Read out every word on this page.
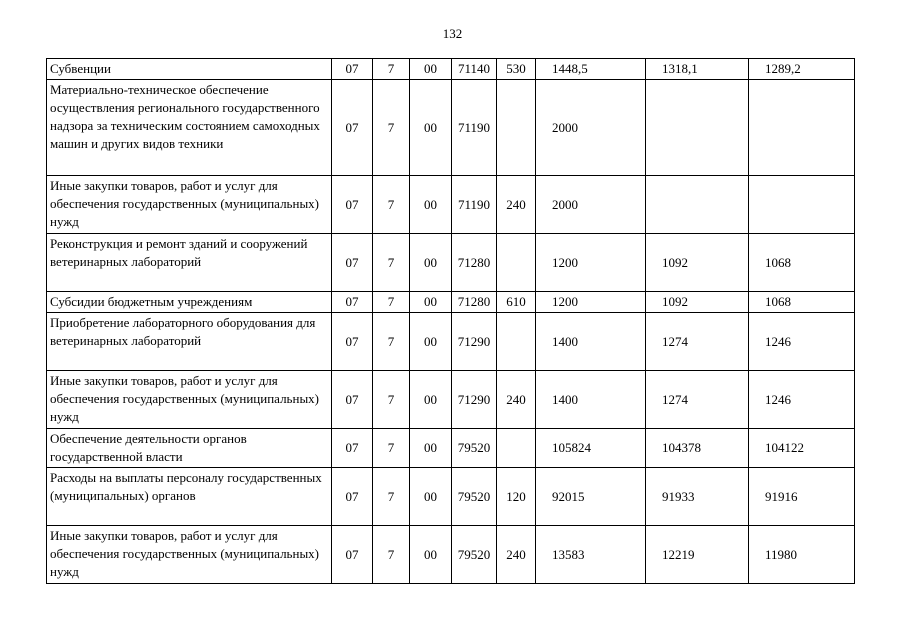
132
Субвенции	07	7	00	71140	530	1448,5	1318,1	1289,2
Материально-техническое обеспечение осуществления регионального государственного надзора за техническим состоянием самоходных машин и других видов техники	07	7	00	71190		2000		
Иные закупки товаров, работ и услуг для обеспечения государственных (муниципальных) нужд	07	7	00	71190	240	2000		
Реконструкция и ремонт зданий и сооружений ветеринарных лабораторий	07	7	00	71280		1200	1092	1068
Субсидии бюджетным учреждениям	07	7	00	71280	610	1200	1092	1068
Приобретение лабораторного оборудования для ветеринарных лабораторий	07	7	00	71290		1400	1274	1246
Иные закупки товаров, работ и услуг для обеспечения государственных (муниципальных) нужд	07	7	00	71290	240	1400	1274	1246
Обеспечение деятельности органов государственной власти	07	7	00	79520		105824	104378	104122
Расходы на выплаты персоналу государственных (муниципальных) органов	07	7	00	79520	120	92015	91933	91916
Иные закупки товаров, работ и услуг для обеспечения государственных (муниципальных) нужд	07	7	00	79520	240	13583	12219	11980
